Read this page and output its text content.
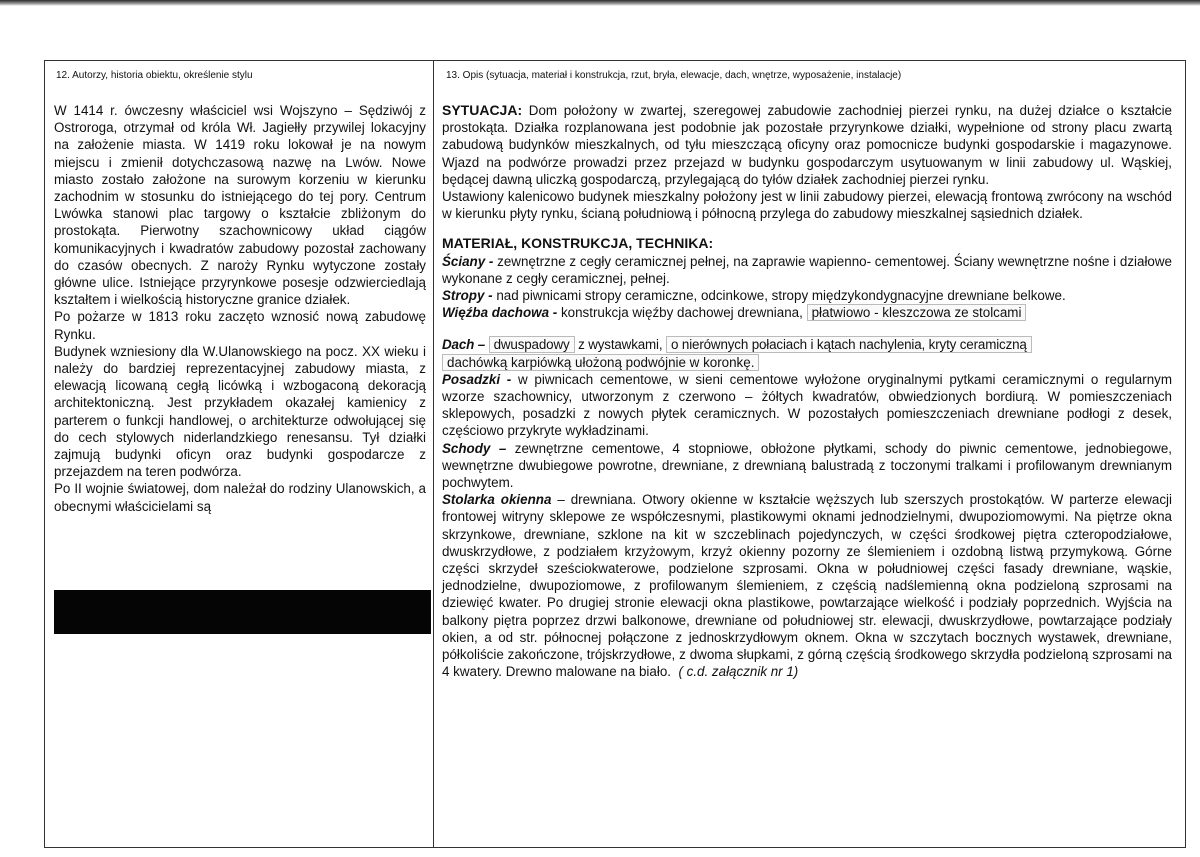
12. Autorzy, historia obiektu, określenie stylu

W 1414 r. ówczesny właściciel wsi Wojszyno – Sędziwój z Ostroroga, otrzymał od króla Wł. Jagiełły przywilej lokacyjny na założenie miasta. W 1419 roku lokował je na nowym miejscu i zmienił dotychczasową nazwę na Lwów. Nowe miasto zostało założone na surowym korzeniu w kierunku zachodnim w stosunku do istniejącego do tej pory. Centrum Lwówka stanowi plac targowy o kształcie zbliżonym do prostokąta. Pierwotny szachownicowy układ ciągów komunikacyjnych i kwadratów zabudowy pozostał zachowany do czasów obecnych. Z naroży Rynku wytyczone zostały główne ulice. Istniejące przyrynkowe posesje odzwierciedlają kształtem i wielkością historyczne granice działek.

Po pożarze w 1813 roku zaczęto wznosić nową zabudowę Rynku.

Budynek wzniesiony dla W.Ulanowskiego na pocz. XX wieku i należy do bardziej reprezentacyjnej zabudowy miasta, z elewacją licowaną cegłą licówką i wzbogaconą dekoracją architektoniczną. Jest przykładem okazałej kamienicy z parterem o funkcji handlowej, o architekturze odwołującej się do cech stylowych niderlandzkiego renesansu. Tył działki zajmują budynki oficyn oraz budynki gospodarcze z przejazdem na teren podwórza.

Po II wojnie światowej, dom należał do rodziny Ulanowskich, a obecnymi właścicielami są

13. Opis (sytuacja, materiał i konstrukcja, rzut, bryła, elewacje, dach, wnętrze, wyposażenie, instalacje)

SYTUACJA: Dom położony w zwartej, szeregowej zabudowie zachodniej pierzei rynku, na dużej działce o kształcie prostokąta. Działka rozplanowana jest podobnie jak pozostałe przyrynkowe działki, wypełnione od strony placu zwartą zabudową budynków mieszkalnych, od tyłu mieszczącą oficyny oraz pomocnicze budynki gospodarskie i magazynowe. Wjazd na podwórze prowadzi przez przejazd w budynku gospodarczym usytuowanym w linii zabudowy ul. Wąskiej, będącej dawną uliczką gospodarczą, przylegającą do tyłów działek zachodniej pierzei rynku.

Ustawiony kalenicowo budynek mieszkalny położony jest w linii zabudowy pierzei, elewacją frontową zwrócony na wschód w kierunku płyty rynku, ścianą południową i północną przylega do zabudowy mieszkalnej sąsiednich działek.

MATERIAŁ, KONSTRUKCJA, TECHNIKA:

Ściany - zewnętrzne z cegły ceramicznej pełnej, na zaprawie wapienno- cementowej. Ściany wewnętrzne nośne i działowe wykonane z cegły ceramicznej, pełnej.

Stropy - nad piwnicami stropy ceramiczne, odcinkowe, stropy międzykondygnacyjne drewniane belkowe.

Więźba dachowa - konstrukcja więźby dachowej drewniana, płatwiowo - kleszczowa ze stolcami

Dach – dwuspadowy z wystawkami, o nierównych połaciach i kątach nachylenia, kryty ceramiczną

dachówką karpiówką ułożoną podwójnie w koronkę.

Posadzki - w piwnicach cementowe, w sieni cementowe wyłożone oryginalnymi pytkami ceramicznymi o regularnym wzorze szachownicy, utworzonym z czerwono – żółtych kwadratów, obwiedzionych bordiurą. W pomieszczeniach sklepowych, posadzki z nowych płytek ceramicznych. W pozostałych pomieszczeniach drewniane podłogi z desek, częściowo przykryte wykładzinami.

Schody – zewnętrzne cementowe, 4 stopniowe, obłożone płytkami, schody do piwnic cementowe, jednobiegowe, wewnętrzne dwubiegowe powrotne, drewniane, z drewnianą balustradą z toczonymi tralkami i profilowanym drewnianym pochwytem.

Stolarka okienna – drewniana. Otwory okienne w kształcie węższych lub szerszych prostokątów. W parterze elewacji frontowej witryny sklepowe ze współczesnymi, plastikowymi oknami jednodzielnymi, dwupoziomowymi. Na piętrze okna skrzynkowe, drewniane, szklone na kit w szczeblinach pojedynczych, w części środkowej piętra czteropodziałowe, dwuskrzydłowe, z podziałem krzyżowym, krzyż okienny pozorny ze ślemieniem i ozdobną listwą przymykową. Górne części skrzydeł sześciokwaterowe, podzielone szprosami. Okna w południowej części fasady drewniane, wąskie, jednodzielne, dwupoziomowe, z profilowanym ślemieniem, z częścią nadślemienną okna podzieloną szprosami na dziewięć kwater. Po drugiej stronie elewacji okna plastikowe, powtarzające wielkość i podziały poprzednich. Wyjścia na balkony piętra poprzez drzwi balkonowe, drewniane od południowej str. elewacji, dwuskrzydłowe, powtarzające podziały okien, a od str. północnej połączone z jednoskrzydłowym oknem. Okna w szczytach bocznych wystawek, drewniane, półkoliście zakończone, trójskrzydłowe, z dwoma słupkami, z górną częścią środkowego skrzydła podzieloną szprosami na 4 kwatery. Drewno malowane na biało. ( c.d. załącznik nr 1)
